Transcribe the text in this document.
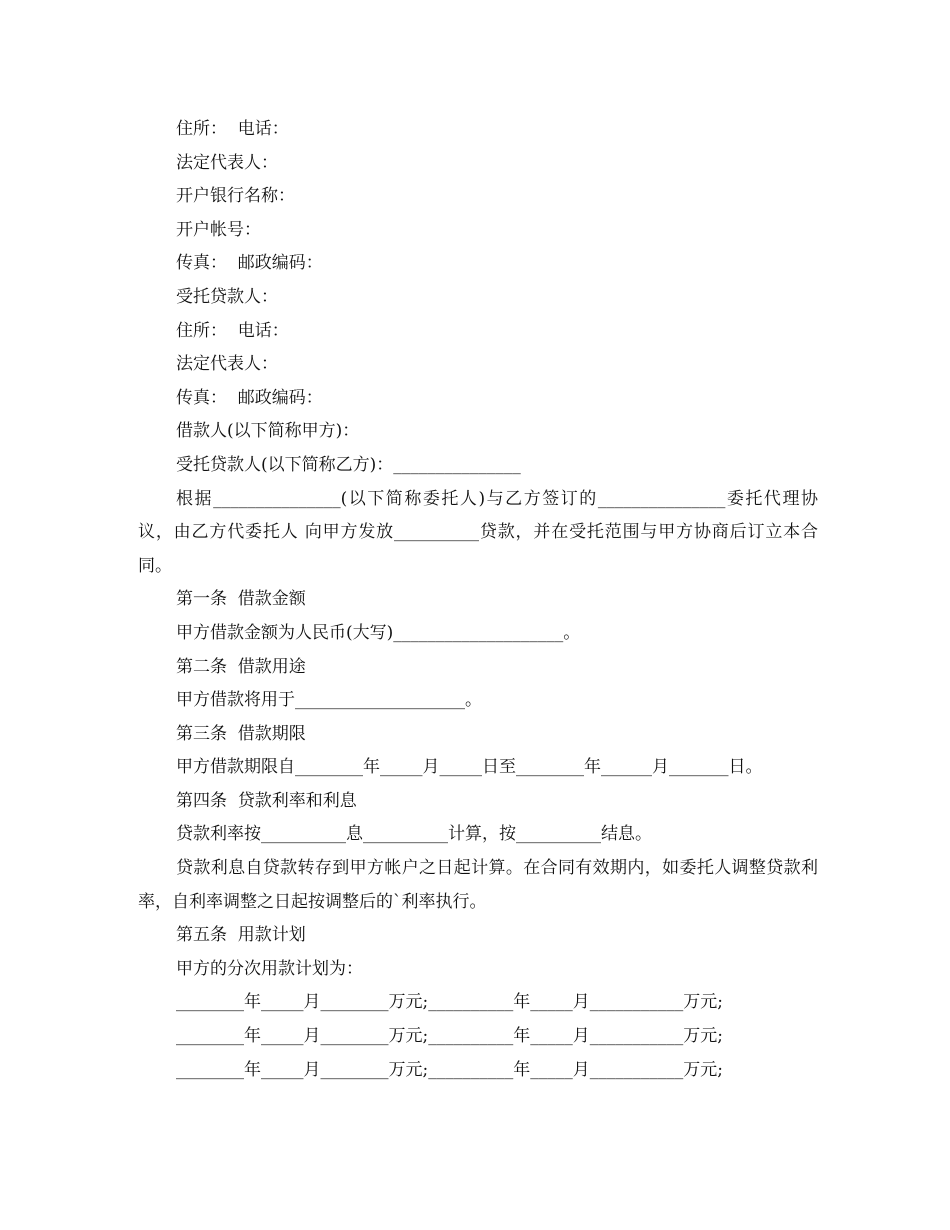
住所：  电话：
法定代表人：
开户银行名称：
开户帐号：
传真：  邮政编码：
受托贷款人：
住所：  电话：
法定代表人：
传真：  邮政编码：
借款人(以下简称甲方)：
受托贷款人(以下简称乙方)：_______________
根据_______________(以下简称委托人)与乙方签订的_______________委托代理协议，由乙方代委托人 向甲方发放__________贷款，并在受托范围与甲方协商后订立本合同。
第一条  借款金额
甲方借款金额为人民币(大写)____________________。
第二条  借款用途
甲方借款将用于____________________。
第三条  借款期限
甲方借款期限自________年_____月_____日至________年______月_______日。
第四条  贷款利率和利息
贷款利率按__________息__________计算，按__________结息。
贷款利息自贷款转存到甲方帐户之日起计算。在合同有效期内，如委托人调整贷款利率，自利率调整之日起按调整后的`利率执行。
第五条  用款计划
甲方的分次用款计划为：
________年_____月________万元;__________年_____月___________万元;
________年_____月________万元;__________年_____月___________万元;
________年_____月________万元;__________年_____月___________万元;
